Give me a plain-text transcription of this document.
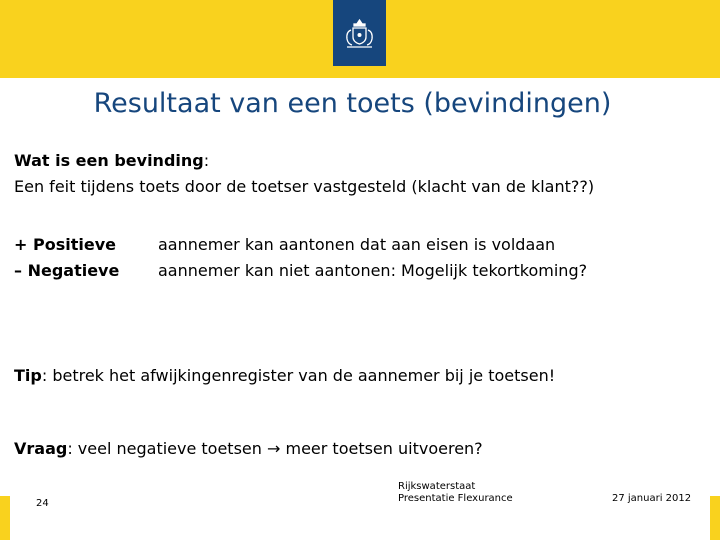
Resultaat van een toets (bevindingen)
Wat is een bevinding:
Een feit tijdens toets door de toetser vastgesteld (klacht van de klant??)
+ Positieve	aannemer kan aantonen dat aan eisen is voldaan
– Negatieve aannemer kan niet aantonen: Mogelijk tekortkoming?
Tip: betrek het afwijkingenregister van de aannemer bij je toetsen!
Vraag: veel negatieve toetsen → meer toetsen uitvoeren?
24
Rijkswaterstaat
Presentatie Flexurance	27 januari 2012
